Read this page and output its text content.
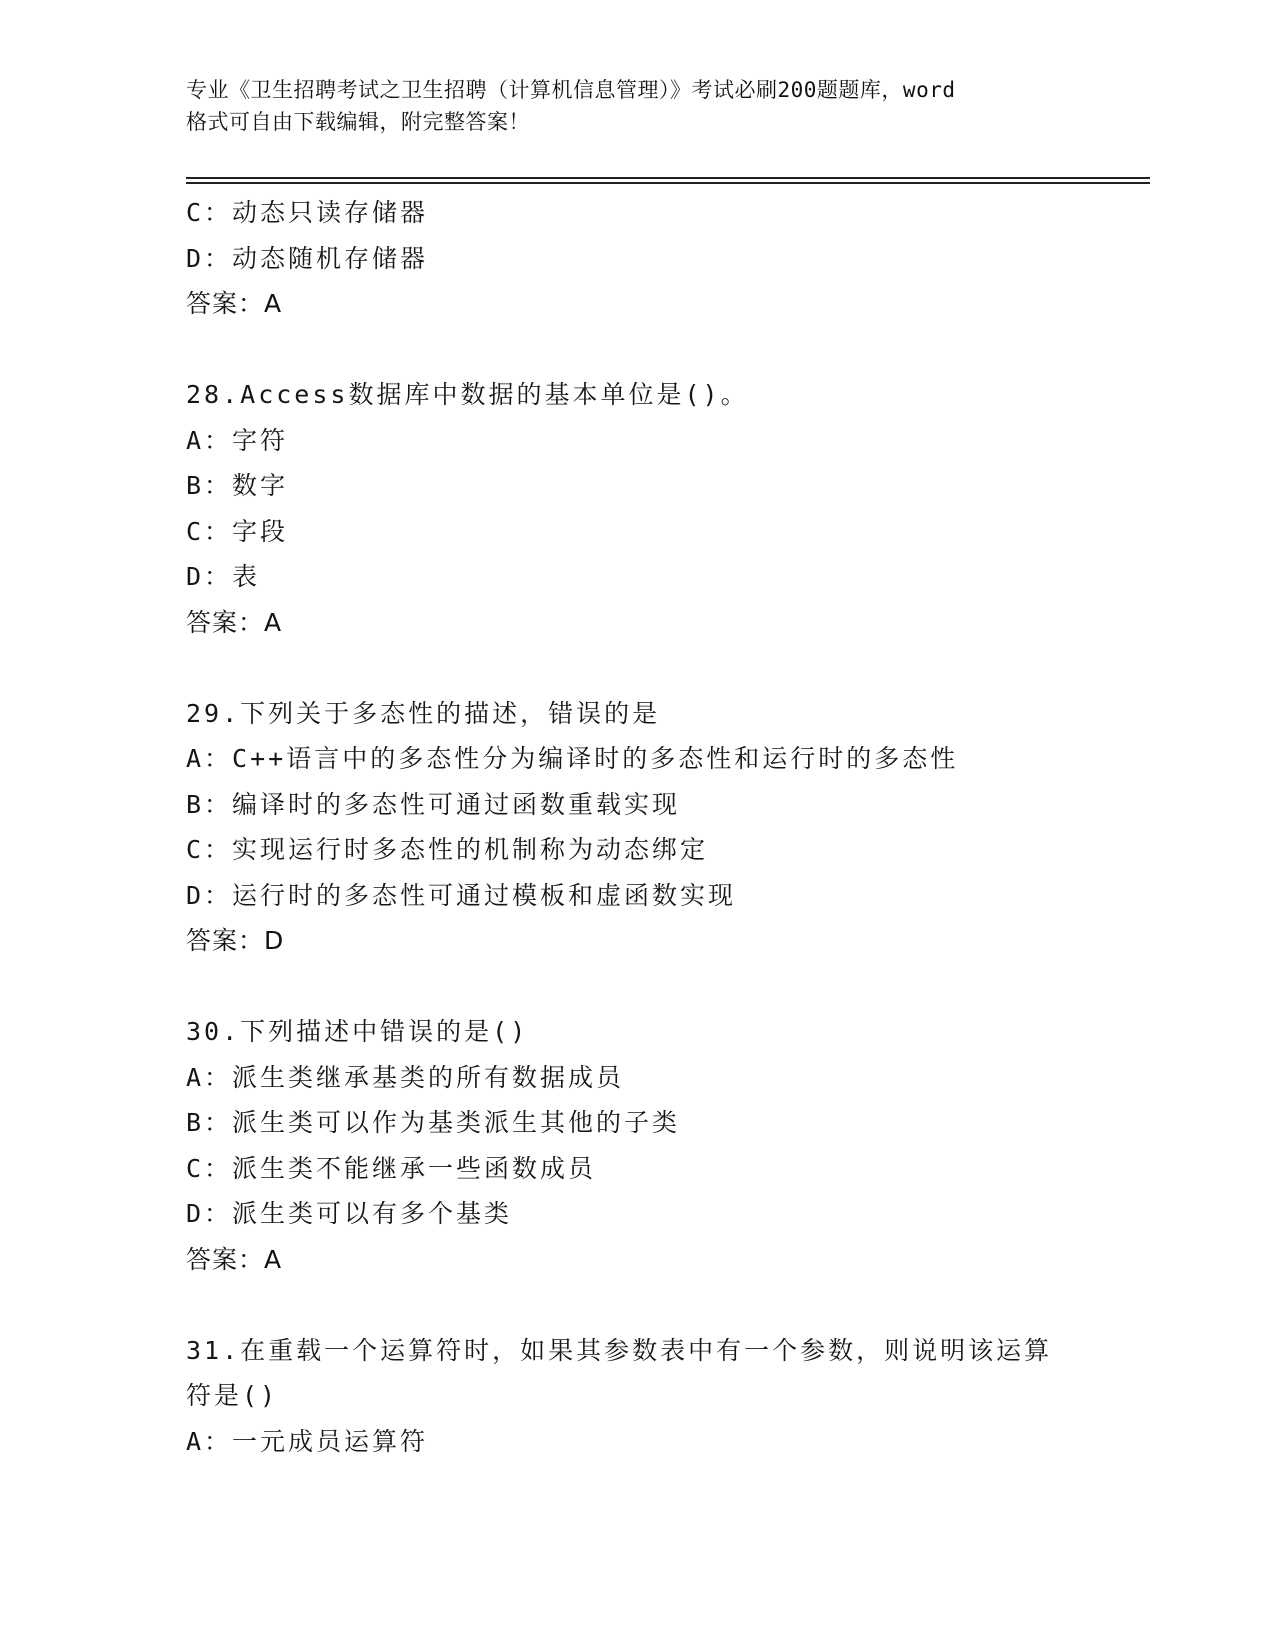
专业《卫生招聘考试之卫生招聘（计算机信息管理）》考试必刷200题题库，word
格式可自由下载编辑，附完整答案！
C：动态只读存储器
D：动态随机存储器
答案：A
28.Access数据库中数据的基本单位是()。
A：字符
B：数字
C：字段
D：表
答案：A
29.下列关于多态性的描述，错误的是
A：C++语言中的多态性分为编译时的多态性和运行时的多态性
B：编译时的多态性可通过函数重载实现
C：实现运行时多态性的机制称为动态绑定
D：运行时的多态性可通过模板和虚函数实现
答案：D
30.下列描述中错误的是()
A：派生类继承基类的所有数据成员
B：派生类可以作为基类派生其他的子类
C：派生类不能继承一些函数成员
D：派生类可以有多个基类
答案：A
31.在重载一个运算符时，如果其参数表中有一个参数，则说明该运算
符是()
A：一元成员运算符
